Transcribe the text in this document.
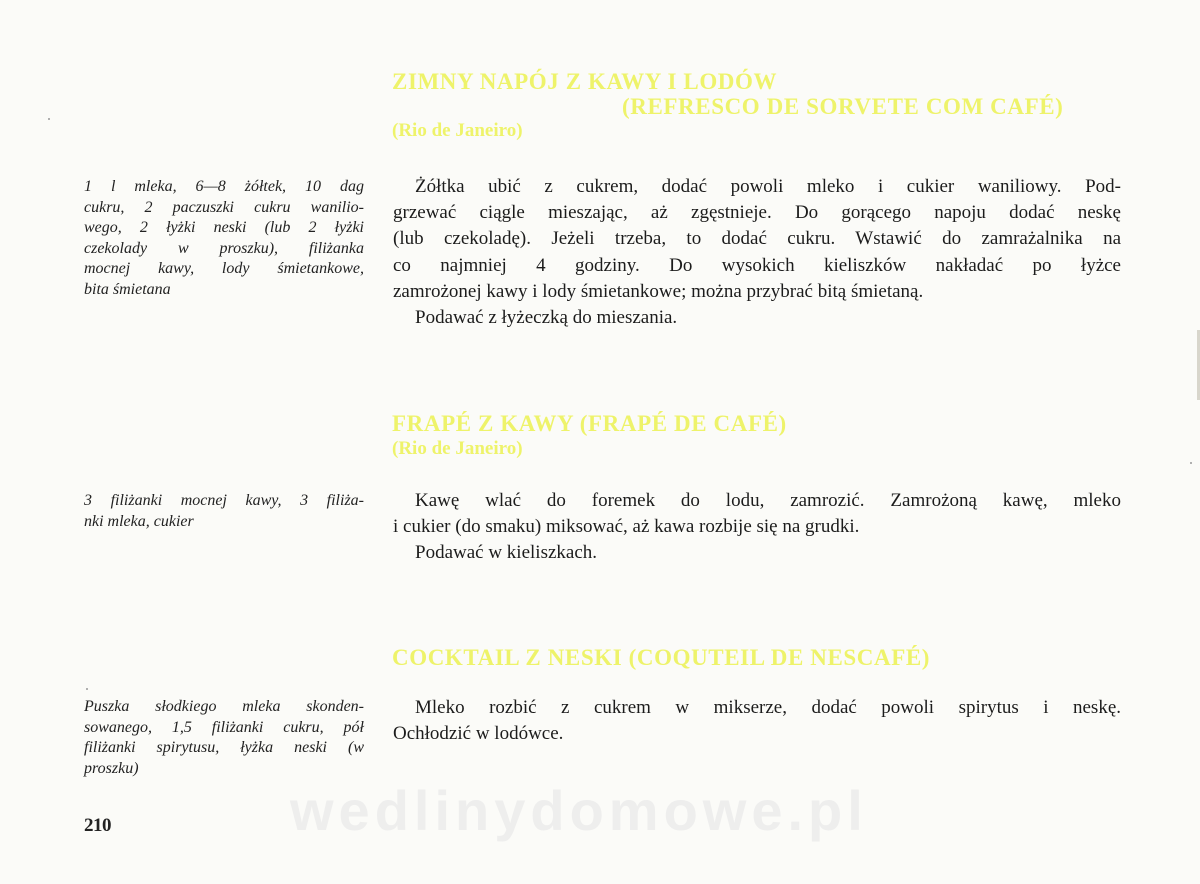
ZIMNY NAPÓJ Z KAWY I LODÓW
(REFRESCO DE SORVETE COM CAFÉ)
(Rio de Janeiro)
1 l mleka, 6—8 żółtek, 10 dag
cukru, 2 paczuszki cukru wanilio-
wego, 2 łyżki neski (lub 2 łyżki
czekolady w proszku), filiżanka
mocnej kawy, lody śmietankowe,
bita śmietana
Żółtka ubić z cukrem, dodać powoli mleko i cukier waniliowy. Pod-
grzewać ciągle mieszając, aż zgęstnieje. Do gorącego napoju dodać neskę
(lub czekoladę). Jeżeli trzeba, to dodać cukru. Wstawić do zamrażalnika na
co najmniej 4 godziny. Do wysokich kieliszków nakładać po łyżce
zamrożonej kawy i lody śmietankowe; można przybrać bitą śmietaną.
Podawać z łyżeczką do mieszania.
FRAPÉ Z KAWY (FRAPÉ DE CAFÉ)
(Rio de Janeiro)
3 filiżanki mocnej kawy, 3 filiża-
nki mleka, cukier
Kawę wlać do foremek do lodu, zamrozić. Zamrożoną kawę, mleko
i cukier (do smaku) miksować, aż kawa rozbije się na grudki.
Podawać w kieliszkach.
COCKTAIL Z NESKI (COQUTEIL DE NESCAFÉ)
Puszka słodkiego mleka skonden-
sowanego, 1,5 filiżanki cukru, pół
filiżanki spirytusu, łyżka neski (w
proszku)
Mleko rozbić z cukrem w mikserze, dodać powoli spirytus i neskę.
Ochłodzić w lodówce.
wedlinydomowe.pl
210
